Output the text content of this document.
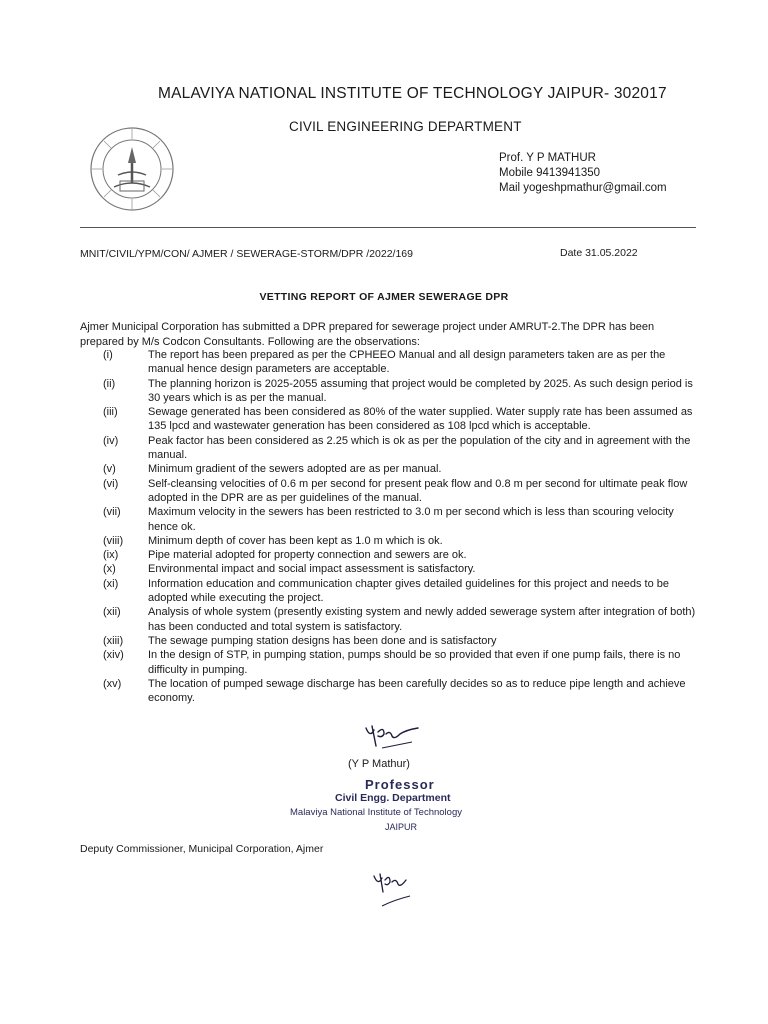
MALAVIYA NATIONAL INSTITUTE OF TECHNOLOGY JAIPUR- 302017
CIVIL ENGINEERING DEPARTMENT
Prof. Y P MATHUR
Mobile 9413941350
Mail yogeshpmathur@gmail.com
MNIT/CIVIL/YPM/CON/ AJMER / SEWERAGE-STORM/DPR /2022/169	Date 31.05.2022
VETTING REPORT OF AJMER SEWERAGE DPR
Ajmer Municipal Corporation has submitted a DPR prepared for sewerage project under AMRUT-2.The DPR has been prepared by M/s Codcon Consultants. Following are the observations:
(i)	The report has been prepared as per the CPHEEO Manual and all design parameters taken are as per the manual hence design parameters are acceptable.
(ii)	The planning horizon is 2025-2055 assuming that project would be completed by 2025. As such design period is 30 years which is as per the manual.
(iii)	Sewage generated has been considered as 80% of the water supplied. Water supply rate has been assumed as 135 lpcd and wastewater generation has been considered as 108 lpcd which is acceptable.
(iv)	Peak factor has been considered as 2.25 which is ok as per the population of the city and in agreement with the manual.
(v)	Minimum gradient of the sewers adopted are as per manual.
(vi)	Self-cleansing velocities of 0.6 m per second for present peak flow and 0.8 m per second for ultimate peak flow adopted in the DPR are as per guidelines of the manual.
(vii)	Maximum velocity in the sewers has been restricted to 3.0 m per second which is less than scouring velocity hence ok.
(viii)	Minimum depth of cover has been kept as 1.0 m which is ok.
(ix)	Pipe material adopted for property connection and sewers are ok.
(x)	Environmental impact and social impact assessment is satisfactory.
(xi)	Information education and communication chapter gives detailed guidelines for this project and needs to be adopted while executing the project.
(xii)	Analysis of whole system (presently existing system and newly added sewerage system after integration of both) has been conducted and total system is satisfactory.
(xiii)	The sewage pumping station designs has been done and is satisfactory
(xiv)	In the design of STP, in pumping station, pumps should be so provided that even if one pump fails, there is no difficulty in pumping.
(xv)	The location of pumped sewage discharge has been carefully decides so as to reduce pipe length and achieve economy.
(Y P Mathur)
Professor
Civil Engg. Department
Malaviya National Institute of Technology
JAIPUR
Deputy Commissioner, Municipal Corporation, Ajmer
